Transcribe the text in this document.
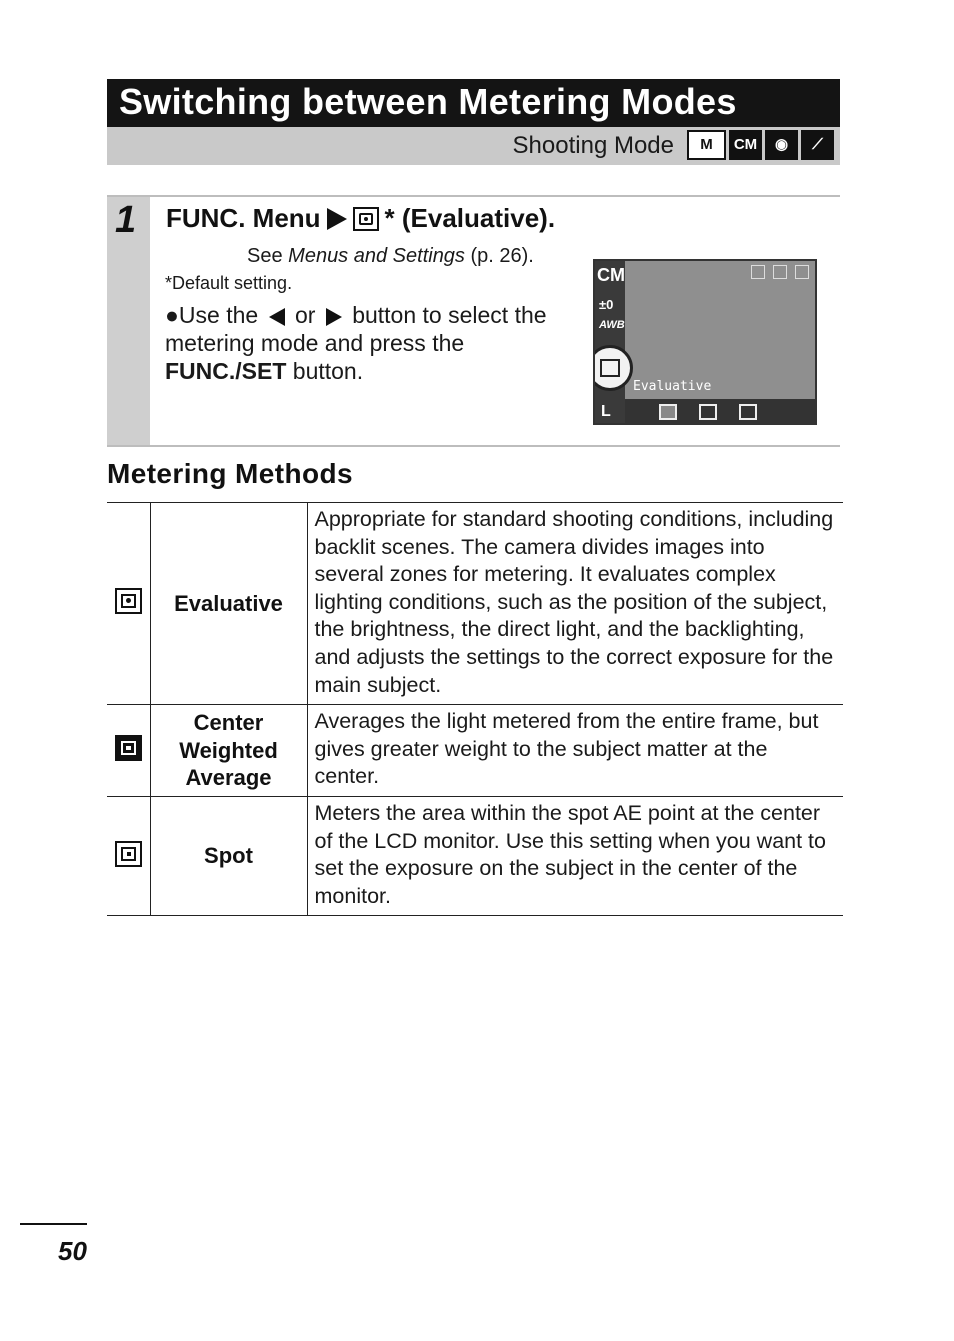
Switching between Metering Modes
Shooting Mode	M	CM	◉	⟋
1 FUNC. Menu * (Evaluative).
See Menus and Settings (p. 26).
*Default setting.
●Use the or button to select the metering mode and press the FUNC./SET button.
CM
±0
AWB
Evaluative
L
Metering Methods
	Evaluative	Appropriate for standard shooting conditions, including backlit scenes. The camera divides images into several zones for metering. It evaluates complex lighting conditions, such as the position of the subject, the brightness, the direct light, and the backlighting, and adjusts the settings to the correct exposure for the main subject.

	Center Weighted Average	Averages the light metered from the entire frame, but gives greater weight to the subject matter at the center.

	Spot	Meters the area within the spot AE point at the center of the LCD monitor. Use this setting when you want to set the exposure on the subject in the center of the monitor.
50
